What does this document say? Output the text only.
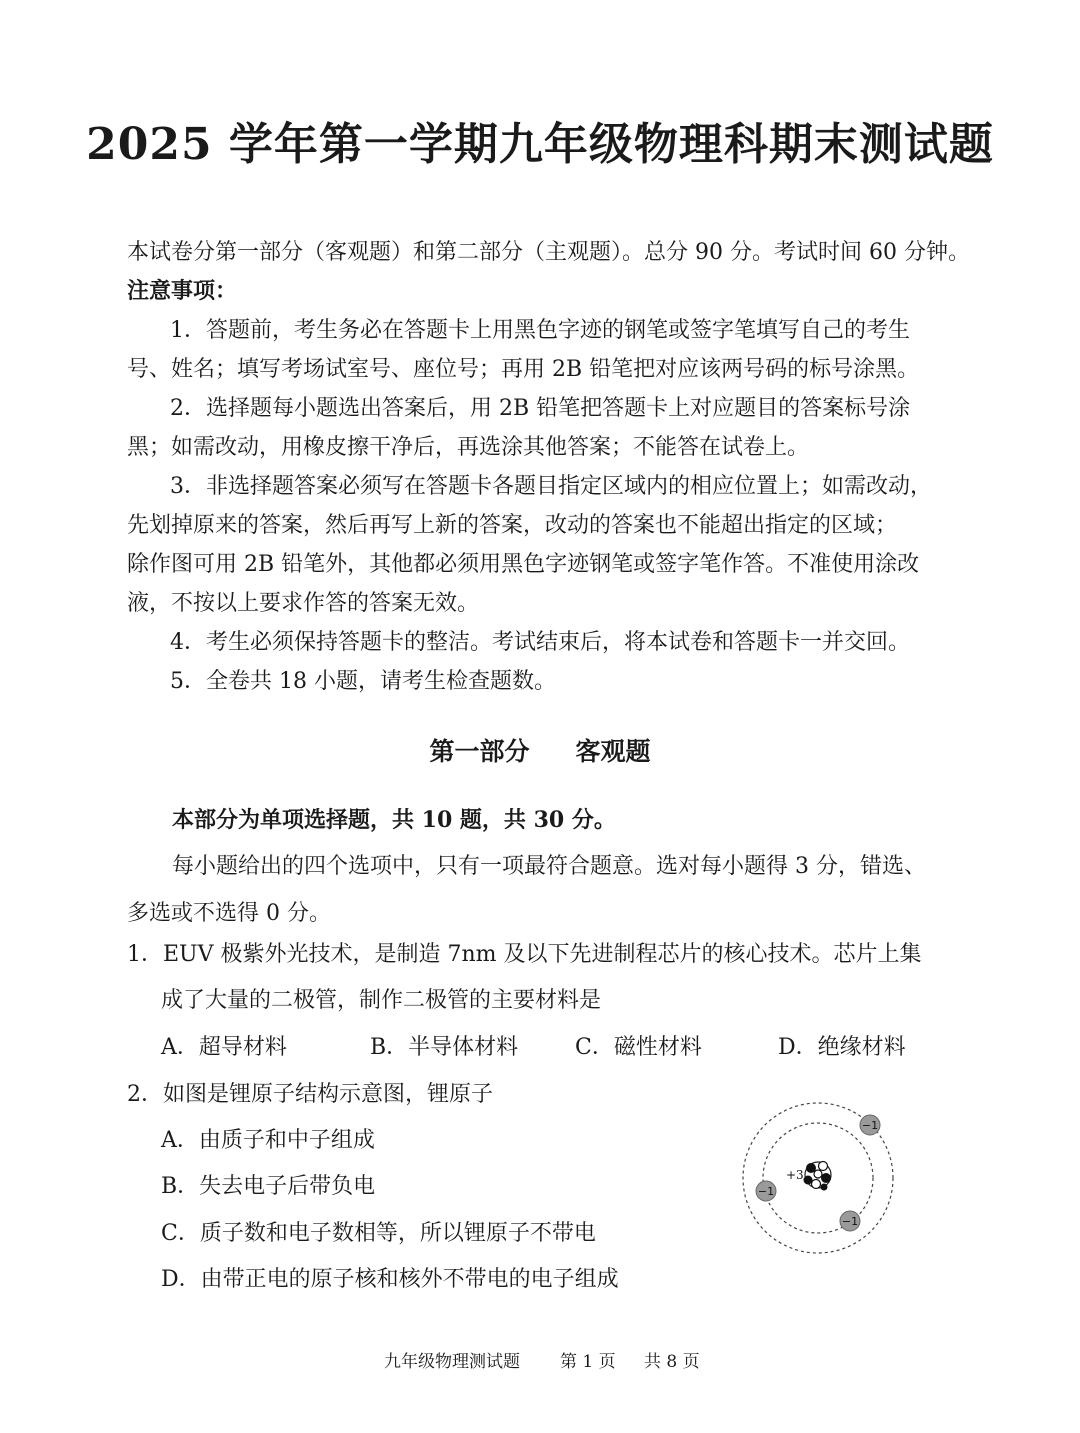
2025 学年第一学期九年级物理科期末测试题
本试卷分第一部分（客观题）和第二部分（主观题）。总分 90 分。考试时间 60 分钟。
注意事项：
1．答题前，考生务必在答题卡上用黑色字迹的钢笔或签字笔填写自己的考生
号、姓名；填写考场试室号、座位号；再用 2B 铅笔把对应该两号码的标号涂黑。
2．选择题每小题选出答案后，用 2B 铅笔把答题卡上对应题目的答案标号涂
黑；如需改动，用橡皮擦干净后，再选涂其他答案；不能答在试卷上。
3．非选择题答案必须写在答题卡各题目指定区域内的相应位置上；如需改动，
先划掉原来的答案，然后再写上新的答案，改动的答案也不能超出指定的区域；
除作图可用 2B 铅笔外，其他都必须用黑色字迹钢笔或签字笔作答。不准使用涂改
液，不按以上要求作答的答案无效。
4．考生必须保持答题卡的整洁。考试结束后，将本试卷和答题卡一并交回。
5．全卷共 18 小题，请考生检查题数。
第一部分 客观题
本部分为单项选择题，共 10 题，共 30 分。
每小题给出的四个选项中，只有一项最符合题意。选对每小题得 3 分，错选、
多选或不选得 0 分。
1．EUV 极紫外光技术，是制造 7nm 及以下先进制程芯片的核心技术。芯片上集
成了大量的二极管，制作二极管的主要材料是
A．超导材料	B．半导体材料	C．磁性材料	D．绝缘材料
2．如图是锂原子结构示意图，锂原子
A．由质子和中子组成
B．失去电子后带负电
C．质子数和电子数相等，所以锂原子不带电
D．由带正电的原子核和核外不带电的电子组成
+3
−1
−1
−1
九年级物理测试题 第 1 页 共 8 页
